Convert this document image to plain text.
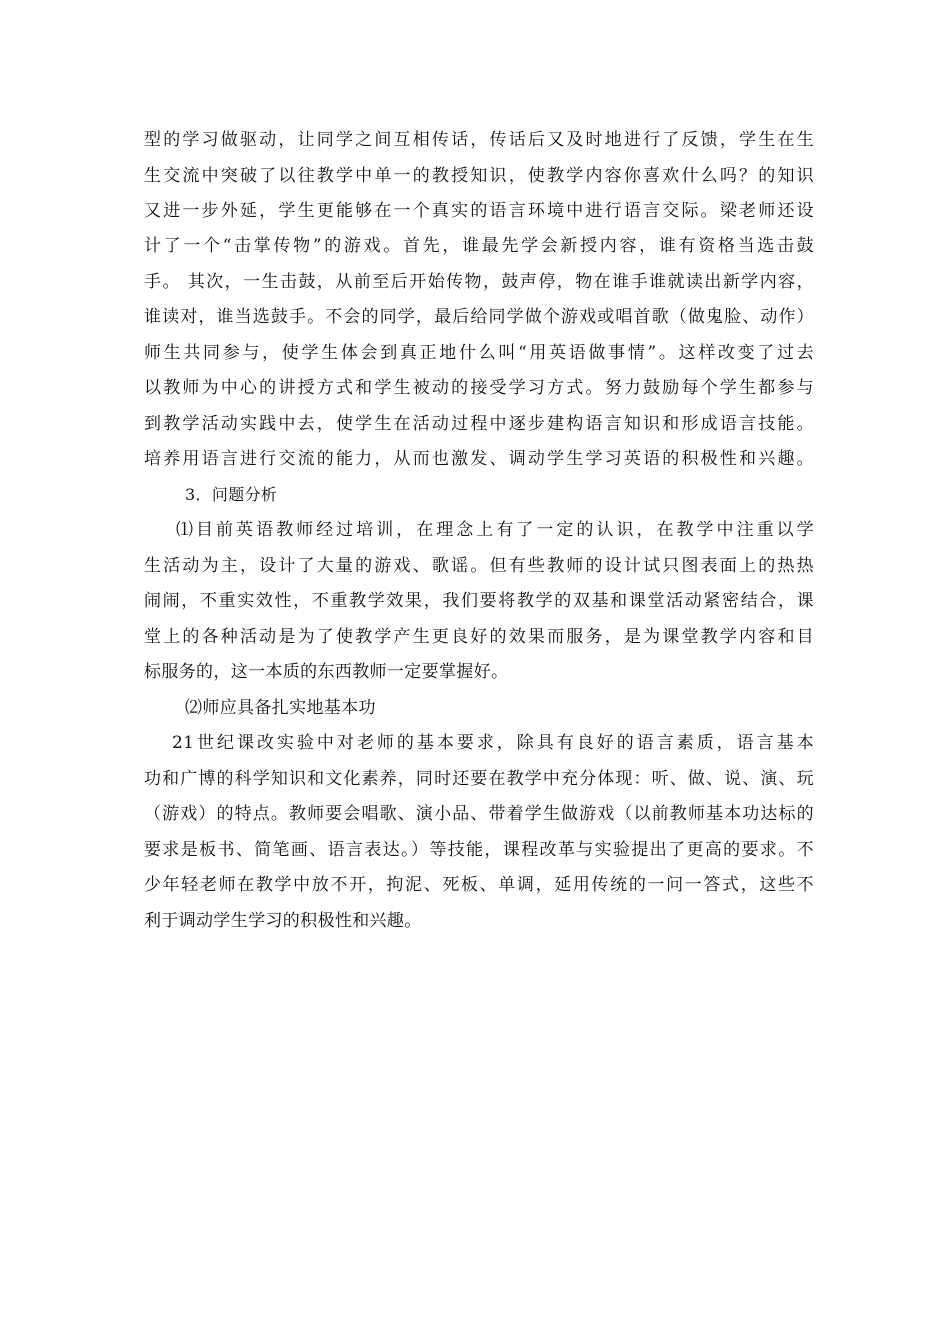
型的学习做驱动，让同学之间互相传话，传话后又及时地进行了反馈，学生在生
生交流中突破了以往教学中单一的教授知识，使教学内容你喜欢什么吗？的知识
又进一步外延，学生更能够在一个真实的语言环境中进行语言交际。梁老师还设
计了一个“击掌传物”的游戏。首先，谁最先学会新授内容，谁有资格当选击鼓
手。 其次，一生击鼓，从前至后开始传物，鼓声停，物在谁手谁就读出新学内容，
谁读对，谁当选鼓手。不会的同学，最后给同学做个游戏或唱首歌（做鬼脸、动作）
师生共同参与，使学生体会到真正地什么叫“用英语做事情”。这样改变了过去
以教师为中心的讲授方式和学生被动的接受学习方式。努力鼓励每个学生都参与
到教学活动实践中去，使学生在活动过程中逐步建构语言知识和形成语言技能。
培养用语言进行交流的能力，从而也激发、调动学生学习英语的积极性和兴趣。
3．问题分析
⑴目前英语教师经过培训，在理念上有了一定的认识，在教学中注重以学
生活动为主，设计了大量的游戏、歌谣。但有些教师的设计试只图表面上的热热
闹闹，不重实效性，不重教学效果，我们要将教学的双基和课堂活动紧密结合，课
堂上的各种活动是为了使教学产生更良好的效果而服务，是为课堂教学内容和目
标服务的，这一本质的东西教师一定要掌握好。
⑵师应具备扎实地基本功
21世纪课改实验中对老师的基本要求，除具有良好的语言素质，语言基本
功和广博的科学知识和文化素养，同时还要在教学中充分体现：听、做、说、演、玩
（游戏）的特点。教师要会唱歌、演小品、带着学生做游戏（以前教师基本功达标的
要求是板书、简笔画、语言表达。）等技能，课程改革与实验提出了更高的要求。不
少年轻老师在教学中放不开，拘泥、死板、单调，延用传统的一问一答式，这些不
利于调动学生学习的积极性和兴趣。
